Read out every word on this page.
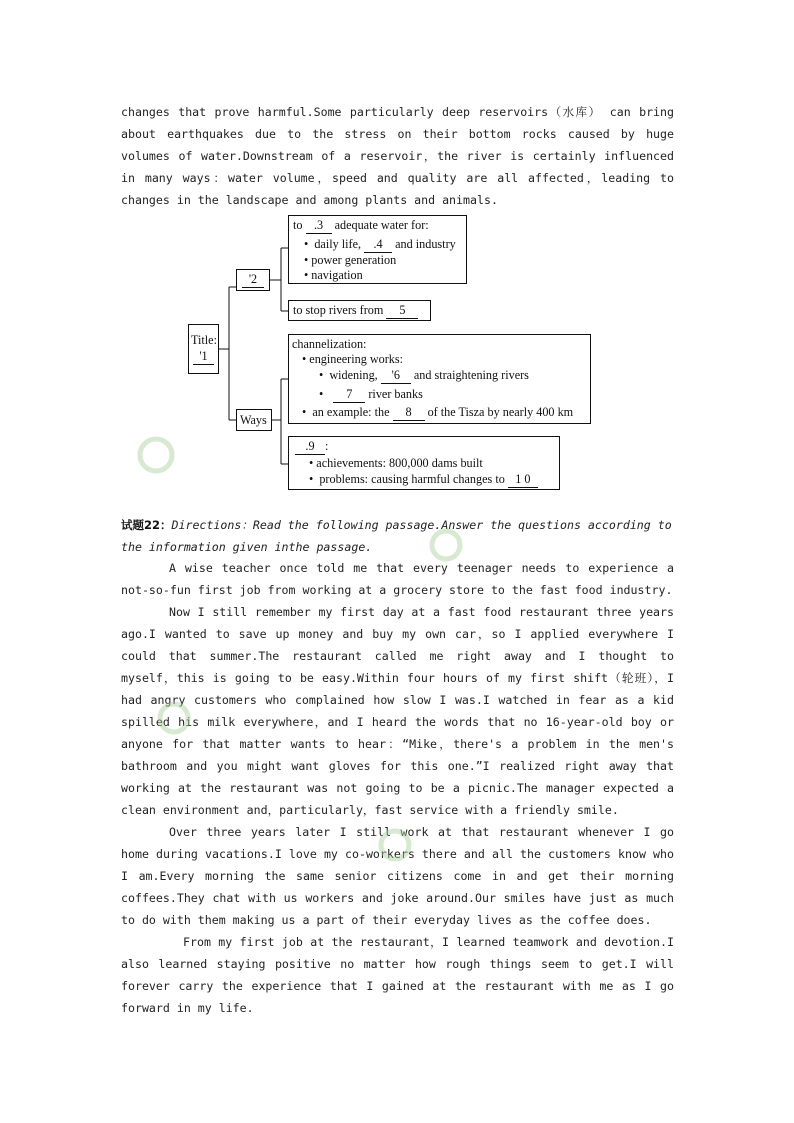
changes that prove harmful.Some particularly deep reservoirs（水库） can bring
about earthquakes due to the stress on their bottom rocks caused by huge
volumes of water.Downstream of a reservoir，the river is certainly influenced
in many ways：water volume，speed and quality are all affected，leading to
changes in the landscape and among plants and animals.
Title:
'1
'2
Ways
to .3 adequate water for:
• daily life, .4 and industry
• power generation
• navigation
to stop rivers from 5
channelization:
• engineering works:
• widening, '6 and straightening rivers
• 7 river banks
• an example: the 8 of the Tisza by nearly 400 km
.9 :
• achievements: 800,000 dams built
• problems: causing harmful changes to 1 0
试题22：Directions：Read the following passage.Answer the questions according to the information given inthe passage.
A wise teacher once told me that every teenager needs to experience a
not-so-fun first job from working at a grocery store to the fast food industry.
Now I still remember my first day at a fast food restaurant three years
ago.I wanted to save up money and buy my own car，so I applied everywhere I
could that summer.The restaurant called me right away and I thought to
myself，this is going to be easy.Within four hours of my first shift（轮班），I
had angry customers who complained how slow I was.I watched in fear as a kid
spilled his milk everywhere，and I heard the words that no 16-year-old boy or
anyone for that matter wants to hear：“Mike，there's a problem in the men's
bathroom and you might want gloves for this one.”I realized right away that
working at the restaurant was not going to be a picnic.The manager expected a
clean environment and，particularly，fast service with a friendly smile.
Over three years later I still work at that restaurant whenever I go
home during vacations.I love my co-workers there and all the customers know who
I am.Every morning the same senior citizens come in and get their morning
coffees.They chat with us workers and joke around.Our smiles have just as much
to do with them making us a part of their everyday lives as the coffee does.
From my first job at the restaurant，I learned teamwork and devotion.I
also learned staying positive no matter how rough things seem to get.I will
forever carry the experience that I gained at the restaurant with me as I go
forward in my life.
